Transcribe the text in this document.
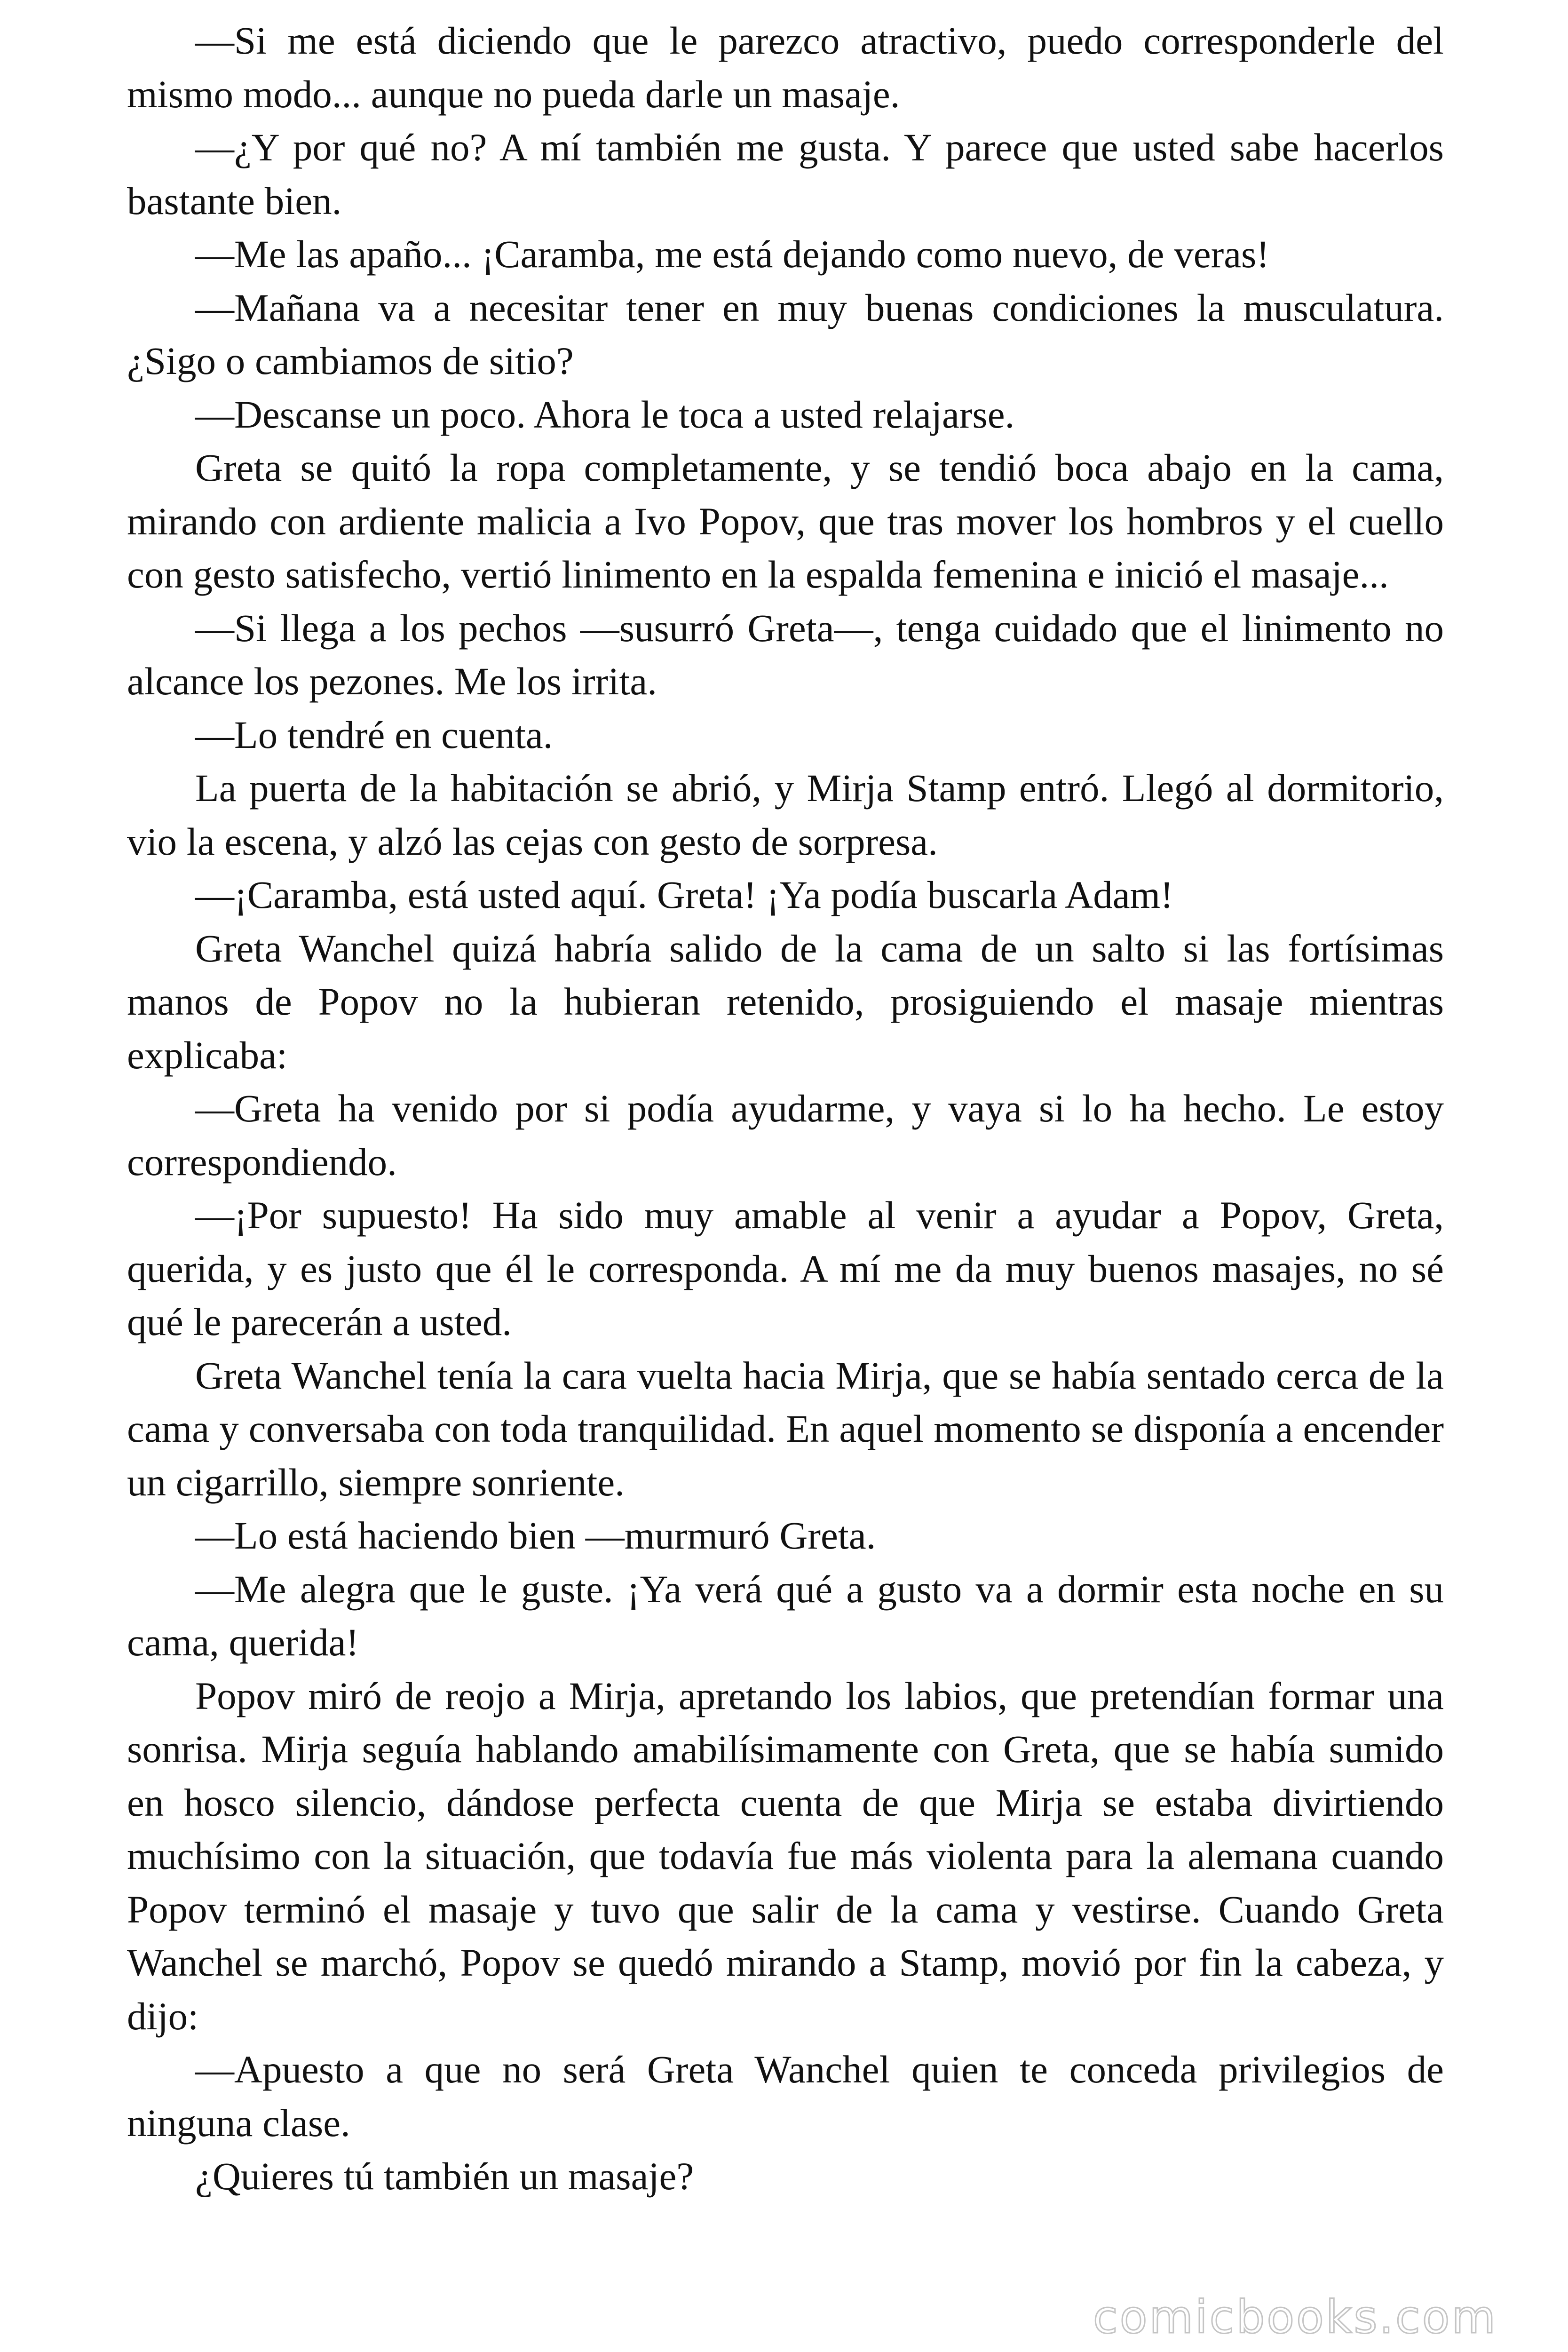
—Si me está diciendo que le parezco atractivo, puedo corresponderle del mismo modo... aunque no pueda darle un masaje.

—¿Y por qué no? A mí también me gusta. Y parece que usted sabe hacerlos bastante bien.

—Me las apaño... ¡Caramba, me está dejando como nuevo, de veras!

—Mañana va a necesitar tener en muy buenas condiciones la musculatura. ¿Sigo o cambiamos de sitio?

—Descanse un poco. Ahora le toca a usted relajarse.

Greta se quitó la ropa completamente, y se tendió boca abajo en la cama, mirando con ardiente malicia a Ivo Popov, que tras mover los hombros y el cuello con gesto satisfecho, vertió linimento en la espalda femenina e inició el masaje...

—Si llega a los pechos —susurró Greta—, tenga cuidado que el linimento no alcance los pezones. Me los irrita.

—Lo tendré en cuenta.

La puerta de la habitación se abrió, y Mirja Stamp entró. Llegó al dormitorio, vio la escena, y alzó las cejas con gesto de sorpresa.

—¡Caramba, está usted aquí. Greta! ¡Ya podía buscarla Adam!

Greta Wanchel quizá habría salido de la cama de un salto si las fortísimas manos de Popov no la hubieran retenido, prosiguiendo el masaje mientras explicaba:

—Greta ha venido por si podía ayudarme, y vaya si lo ha hecho. Le estoy correspondiendo.

—¡Por supuesto! Ha sido muy amable al venir a ayudar a Popov, Greta, querida, y es justo que él le corresponda. A mí me da muy buenos masajes, no sé qué le parecerán a usted.

Greta Wanchel tenía la cara vuelta hacia Mirja, que se había sentado cerca de la cama y conversaba con toda tranquilidad. En aquel momento se disponía a encender un cigarrillo, siempre sonriente.

—Lo está haciendo bien —murmuró Greta.

—Me alegra que le guste. ¡Ya verá qué a gusto va a dormir esta noche en su cama, querida!

Popov miró de reojo a Mirja, apretando los labios, que pretendían formar una sonrisa. Mirja seguía hablando amabilísimamente con Greta, que se había sumido en hosco silencio, dándose perfecta cuenta de que Mirja se estaba divirtiendo muchísimo con la situación, que todavía fue más violenta para la alemana cuando Popov terminó el masaje y tuvo que salir de la cama y vestirse. Cuando Greta Wanchel se marchó, Popov se quedó mirando a Stamp, movió por fin la cabeza, y dijo:

—Apuesto a que no será Greta Wanchel quien te conceda privilegios de ninguna clase.

¿Quieres tú también un masaje?

comicbooks.com
